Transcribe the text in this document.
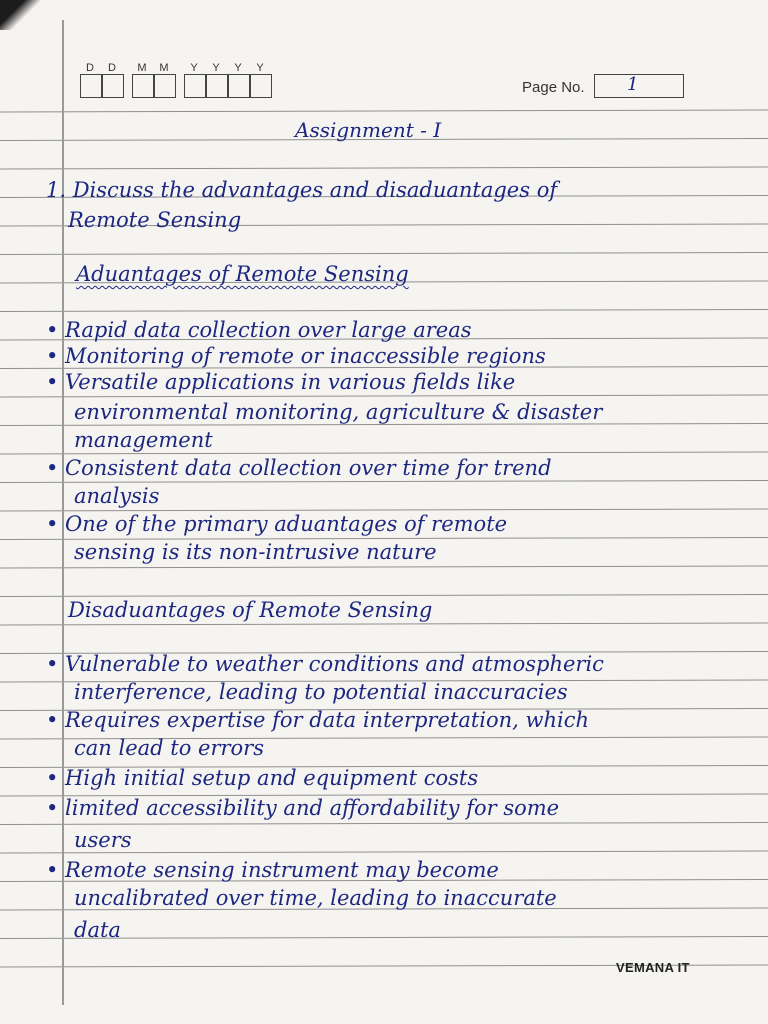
D	D	M	M	Y	Y	Y	Y
Page No. 1
Assignment - I
1. Discuss the advantages and disaduantages of
Remote Sensing
Aduantages of Remote Sensing
• Rapid data collection over large areas
• Monitoring of remote or inaccessible regions
• Versatile applications in various fields like
environmental monitoring, agriculture & disaster
management
• Consistent data collection over time for trend
analysis
• One of the primary aduantages of remote
sensing is its non-intrusive nature
Disaduantages of Remote Sensing
• Vulnerable to weather conditions and atmospheric
interference, leading to potential inaccuracies
• Requires expertise for data interpretation, which
can lead to errors
• High initial setup and equipment costs
• limited accessibility and affordability for some
users
• Remote sensing instrument may become
uncalibrated over time, leading to inaccurate
data
VEMANA IT
